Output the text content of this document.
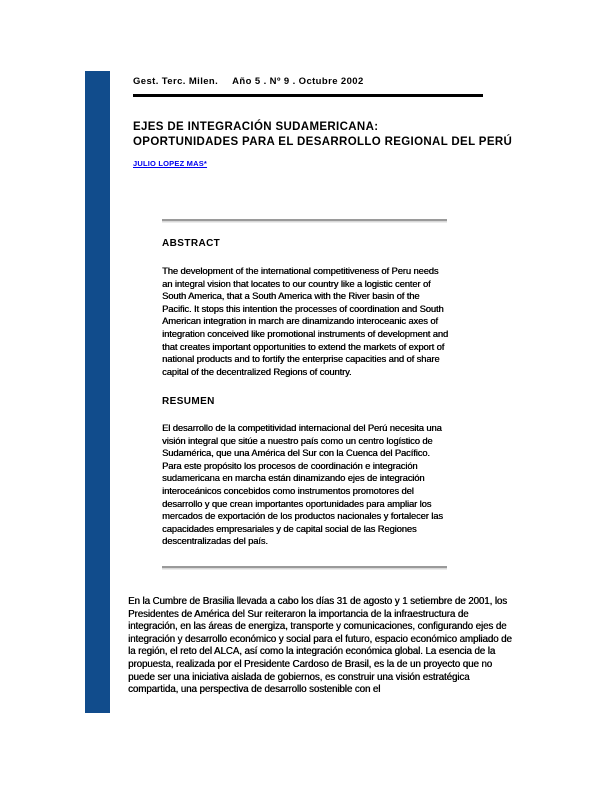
Gest. Terc. Milen. Año 5 . Nº 9 . Octubre 2002
EJES DE INTEGRACIÓN SUDAMERICANA:
OPORTUNIDADES PARA EL DESARROLLO REGIONAL DEL PERÚ
JULIO LOPEZ MAS*
ABSTRACT
The development of the international competitiveness of Peru needs an integral vision that locates to our country like a logistic center of South America, that a South America with the River basin of the Pacific. It stops this intention the processes of coordination and South American integration in march are dinamizando interoceanic axes of integration conceived like promotional instruments of development and that creates important opportunities to extend the markets of export of national products and to fortify the enterprise capacities and of share capital of the decentralized Regions of country.
RESUMEN
El desarrollo de la competitividad internacional del Perú necesita una visión integral que sitúe a nuestro país como un centro logístico de Sudamérica, que una América del Sur con la Cuenca del Pacífico. Para este propósito los procesos de coordinación e integración sudamericana en marcha están dinamizando ejes de integración interoceánicos concebidos como instrumentos promotores del desarrollo y que crean importantes oportunidades para ampliar los mercados de exportación de los productos nacionales y fortalecer las capacidades empresariales y de capital social de las Regiones descentralizadas del país.
En la Cumbre de Brasilia llevada a cabo los días 31 de agosto y 1 setiembre de 2001, los Presidentes de América del Sur reiteraron la importancia de la infraestructura de integración, en las áreas de energiza, transporte y comunicaciones, configurando ejes de integración y desarrollo económico y social para el futuro, espacio económico ampliado de la región, el reto del ALCA, así como la integración económica global. La esencia de la propuesta, realizada por el Presidente Cardoso de Brasil, es la de un proyecto que no puede ser una iniciativa aislada de gobiernos, es construir una visión estratégica compartida, una perspectiva de desarrollo sostenible con el
